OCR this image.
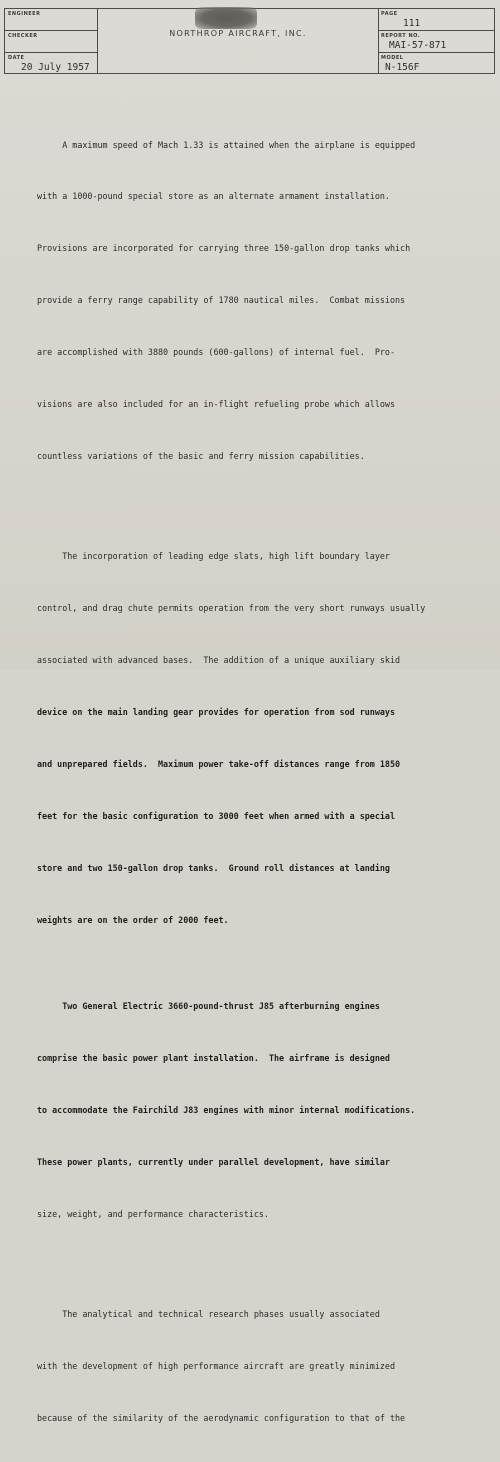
ENGINEER
CHECKER
DATE
20 July 1957
NORTHROP AIRCRAFT, INC.
PAGE
111
REPORT NO.
MAI-57-871
MODEL
N-156F

A maximum speed of Mach 1.33 is attained when the airplane is equipped

with a 1000-pound special store as an alternate armament installation.

Provisions are incorporated for carrying three 150-gallon drop tanks which

provide a ferry range capability of 1780 nautical miles.  Combat missions

are accomplished with 3880 pounds (600-gallons) of internal fuel.  Pro-

visions are also included for an in-flight refueling probe which allows

countless variations of the basic and ferry mission capabilities.

The incorporation of leading edge slats, high lift boundary layer

control, and drag chute permits operation from the very short runways usually

associated with advanced bases.  The addition of a unique auxiliary skid

device on the main landing gear provides for operation from sod runways

and unprepared fields.  Maximum power take-off distances range from 1850

feet for the basic configuration to 3000 feet when armed with a special

store and two 150-gallon drop tanks.  Ground roll distances at landing

weights are on the order of 2000 feet.

Two General Electric 3660-pound-thrust J85 afterburning engines

comprise the basic power plant installation.  The airframe is designed

to accommodate the Fairchild J83 engines with minor internal modifications.

These power plants, currently under parallel development, have similar

size, weight, and performance characteristics.

The analytical and technical research phases usually associated

with the development of high performance aircraft are greatly minimized

because of the similarity of the aerodynamic configuration to that of the
